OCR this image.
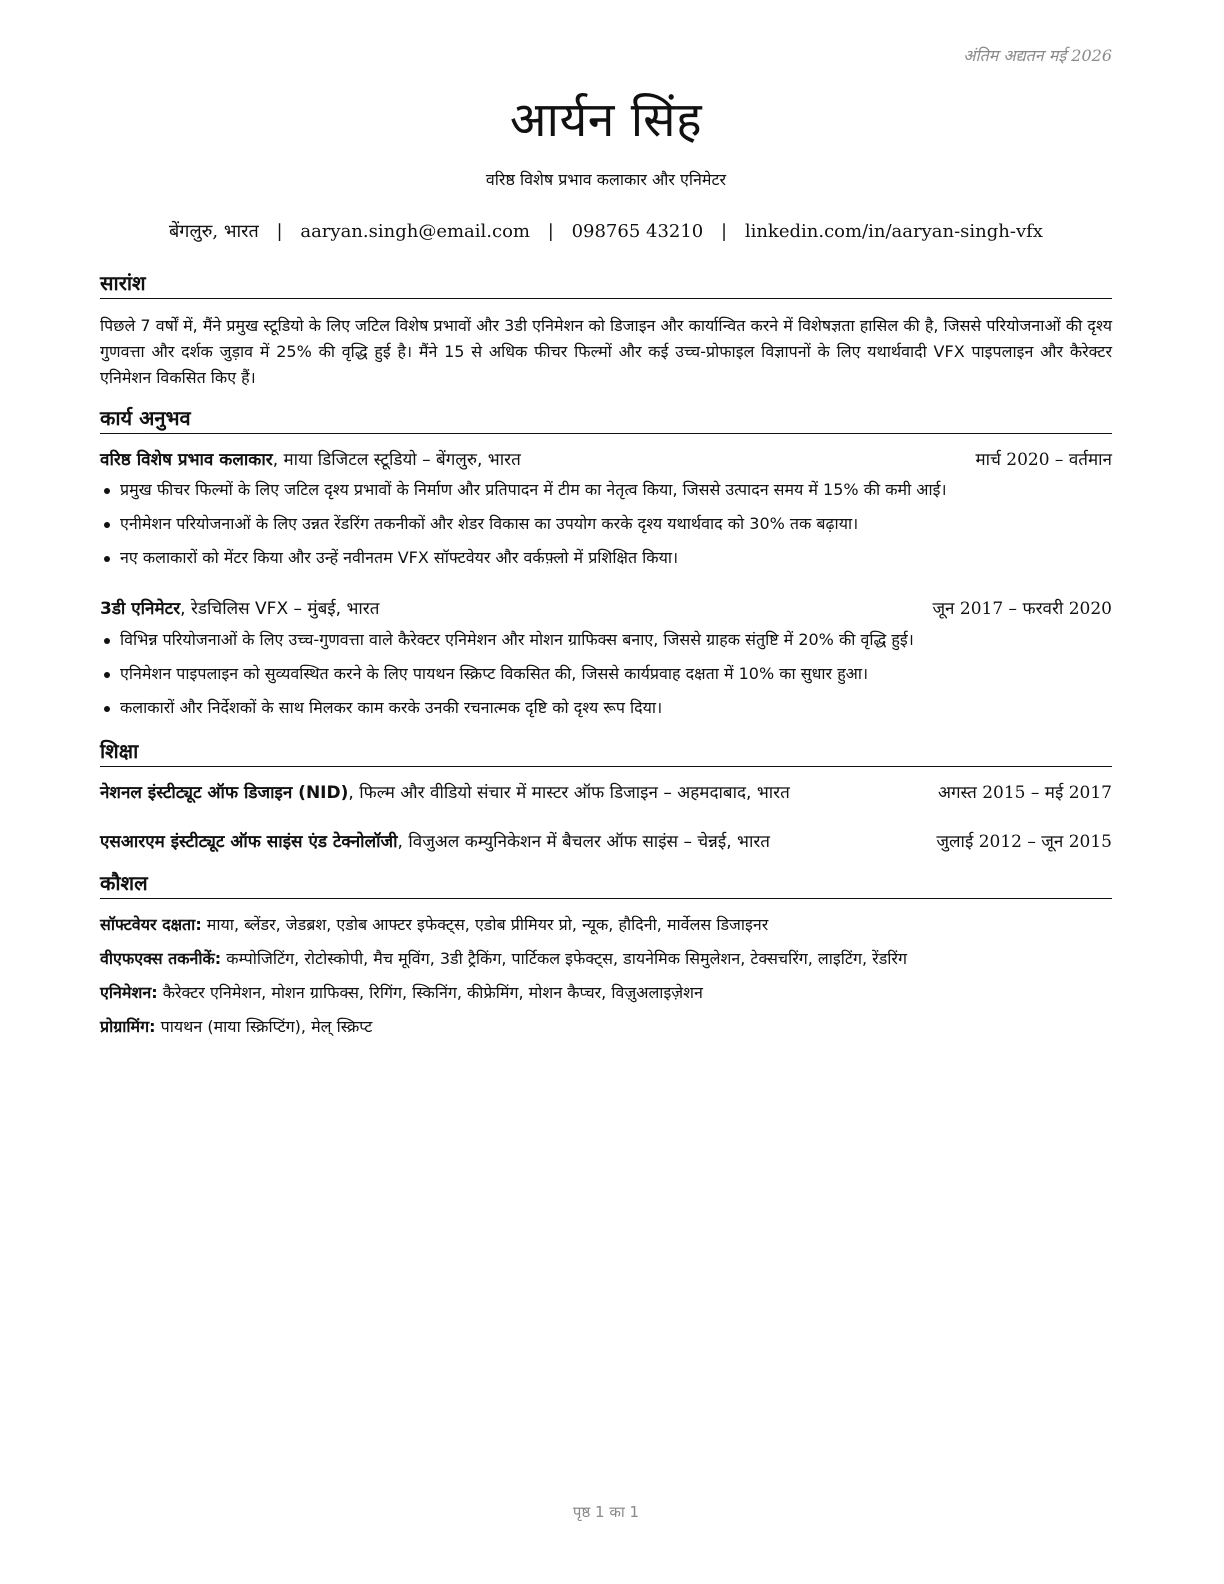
अंतिम अद्यतन मई 2026
आर्यन सिंह
वरिष्ठ विशेष प्रभाव कलाकार और एनिमेटर
बेंगलुरु, भारत | aaryan.singh@email.com | 098765 43210 | linkedin.com/in/aaryan-singh-vfx
सारांश
पिछले 7 वर्षों में, मैंने प्रमुख स्टूडियो के लिए जटिल विशेष प्रभावों और 3डी एनिमेशन को डिजाइन और कार्यान्वित करने में विशेषज्ञता हासिल की है, जिससे परियोजनाओं की दृश्य गुणवत्ता और दर्शक जुड़ाव में 25% की वृद्धि हुई है। मैंने 15 से अधिक फीचर फिल्मों और कई उच्च-प्रोफाइल विज्ञापनों के लिए यथार्थवादी VFX पाइपलाइन और कैरेक्टर एनिमेशन विकसित किए हैं।
कार्य अनुभव
वरिष्ठ विशेष प्रभाव कलाकार, माया डिजिटल स्टूडियो – बेंगलुरु, भारत	मार्च 2020 – वर्तमान
प्रमुख फीचर फिल्मों के लिए जटिल दृश्य प्रभावों के निर्माण और प्रतिपादन में टीम का नेतृत्व किया, जिससे उत्पादन समय में 15% की कमी आई।
एनीमेशन परियोजनाओं के लिए उन्नत रेंडरिंग तकनीकों और शेडर विकास का उपयोग करके दृश्य यथार्थवाद को 30% तक बढ़ाया।
नए कलाकारों को मेंटर किया और उन्हें नवीनतम VFX सॉफ्टवेयर और वर्कफ़्लो में प्रशिक्षित किया।
3डी एनिमेटर, रेडचिलिस VFX – मुंबई, भारत	जून 2017 – फरवरी 2020
विभिन्न परियोजनाओं के लिए उच्च-गुणवत्ता वाले कैरेक्टर एनिमेशन और मोशन ग्राफिक्स बनाए, जिससे ग्राहक संतुष्टि में 20% की वृद्धि हुई।
एनिमेशन पाइपलाइन को सुव्यवस्थित करने के लिए पायथन स्क्रिप्ट विकसित की, जिससे कार्यप्रवाह दक्षता में 10% का सुधार हुआ।
कलाकारों और निर्देशकों के साथ मिलकर काम करके उनकी रचनात्मक दृष्टि को दृश्य रूप दिया।
शिक्षा
नेशनल इंस्टीट्यूट ऑफ डिजाइन (NID), फिल्म और वीडियो संचार में मास्टर ऑफ डिजाइन – अहमदाबाद, भारत	अगस्त 2015 – मई 2017
एसआरएम इंस्टीट्यूट ऑफ साइंस एंड टेक्नोलॉजी, विजुअल कम्युनिकेशन में बैचलर ऑफ साइंस – चेन्नई, भारत	जुलाई 2012 – जून 2015
कौशल
सॉफ्टवेयर दक्षता: माया, ब्लेंडर, जेडब्रश, एडोब आफ्टर इफेक्ट्स, एडोब प्रीमियर प्रो, न्यूक, हौदिनी, मार्वेलस डिजाइनर
वीएफएक्स तकनीकें: कम्पोजिटिंग, रोटोस्कोपी, मैच मूविंग, 3डी ट्रैकिंग, पार्टिकल इफेक्ट्स, डायनेमिक सिमुलेशन, टेक्सचरिंग, लाइटिंग, रेंडरिंग
एनिमेशन: कैरेक्टर एनिमेशन, मोशन ग्राफिक्स, रिगिंग, स्किनिंग, कीफ्रेमिंग, मोशन कैप्चर, विज़ुअलाइज़ेशन
प्रोग्रामिंग: पायथन (माया स्क्रिप्टिंग), मेल् स्क्रिप्ट
पृष्ठ 1 का 1
